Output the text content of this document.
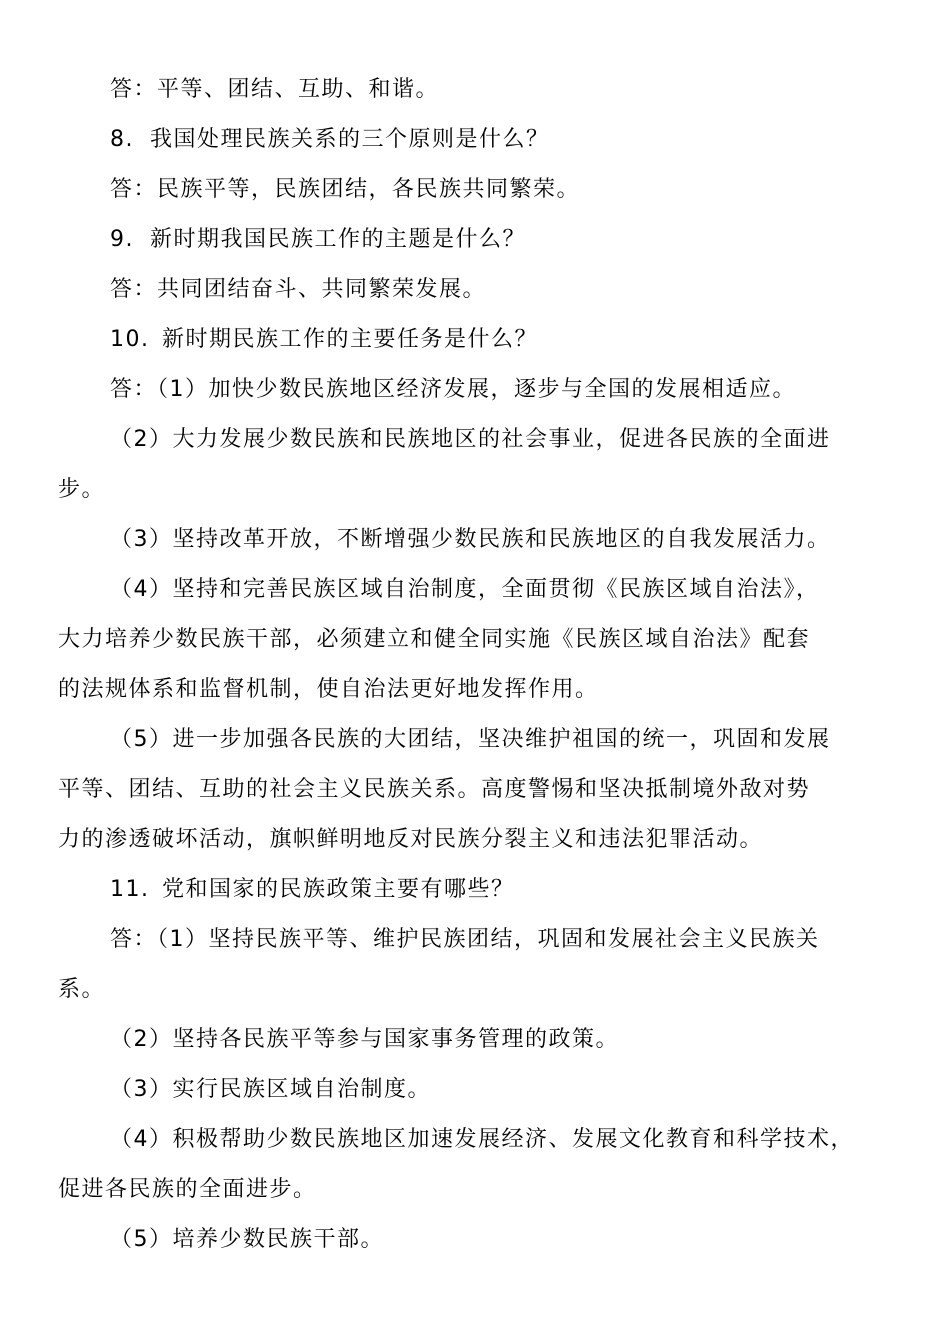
答：平等、团结、互助、和谐。
8. 我国处理民族关系的三个原则是什么？
答：民族平等，民族团结，各民族共同繁荣。
9. 新时期我国民族工作的主题是什么？
答：共同团结奋斗、共同繁荣发展。
10. 新时期民族工作的主要任务是什么？
答：（1）加快少数民族地区经济发展，逐步与全国的发展相适应。
（2）大力发展少数民族和民族地区的社会事业，促进各民族的全面进
步。
（3）坚持改革开放，不断增强少数民族和民族地区的自我发展活力。
（4）坚持和完善民族区域自治制度，全面贯彻《民族区域自治法》，
大力培养少数民族干部，必须建立和健全同实施《民族区域自治法》配套
的法规体系和监督机制，使自治法更好地发挥作用。
（5）进一步加强各民族的大团结，坚决维护祖国的统一，巩固和发展
平等、团结、互助的社会主义民族关系。高度警惕和坚决抵制境外敌对势
力的渗透破坏活动，旗帜鲜明地反对民族分裂主义和违法犯罪活动。
11. 党和国家的民族政策主要有哪些？
答：（1）坚持民族平等、维护民族团结，巩固和发展社会主义民族关
系。
（2）坚持各民族平等参与国家事务管理的政策。
（3）实行民族区域自治制度。
（4）积极帮助少数民族地区加速发展经济、发展文化教育和科学技术，
促进各民族的全面进步。
（5）培养少数民族干部。
